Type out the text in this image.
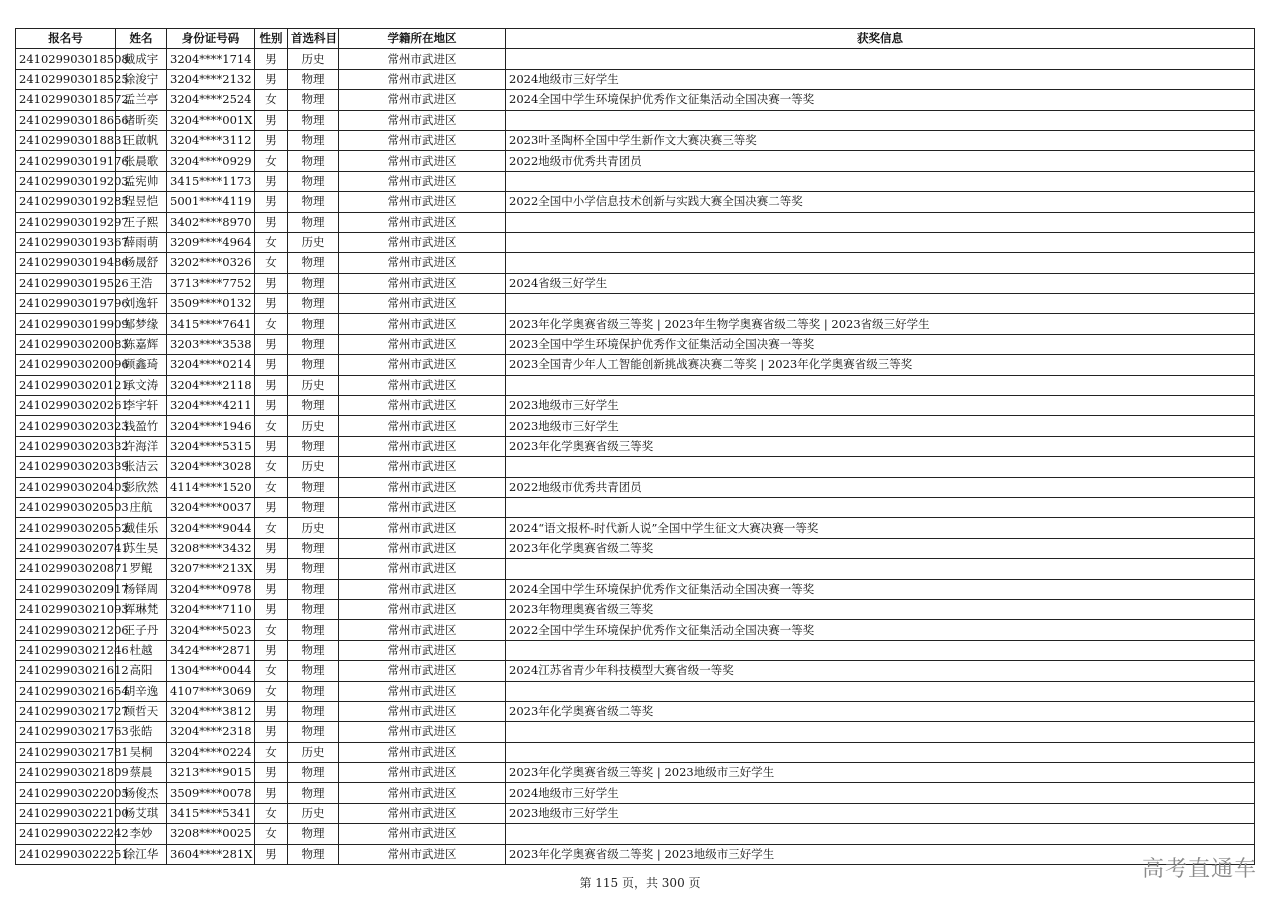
报名号	姓名	身份证号码	性别	首选科目	学籍所在地区	获奖信息
241029903018508	戴成宇	3204****1714	男	历史	常州市武进区	
241029903018525	徐浚宁	3204****2132	男	物理	常州市武进区	2024地级市三好学生
241029903018572	孟兰亭	3204****2524	女	物理	常州市武进区	2024全国中学生环境保护优秀作文征集活动全国决赛一等奖
241029903018656	诸昕奕	3204****001X	男	物理	常州市武进区	
241029903018831	王啟帆	3204****3112	男	物理	常州市武进区	2023叶圣陶杯全国中学生新作文大赛决赛三等奖
241029903019176	张晨歌	3204****0929	女	物理	常州市武进区	2022地级市优秀共青团员
241029903019203	孟宪帅	3415****1173	男	物理	常州市武进区	
241029903019285	程昱恺	5001****4119	男	物理	常州市武进区	2022全国中小学信息技术创新与实践大赛全国决赛二等奖
241029903019297	王子熙	3402****8970	男	物理	常州市武进区	
241029903019367	薛雨萌	3209****4964	女	历史	常州市武进区	
241029903019486	杨晟舒	3202****0326	女	物理	常州市武进区	
241029903019526	王浩	3713****7752	男	物理	常州市武进区	2024省级三好学生
241029903019796	刘逸轩	3509****0132	男	物理	常州市武进区	
241029903019909	邹梦缘	3415****7641	女	物理	常州市武进区	2023年化学奥赛省级三等奖 | 2023年生物学奥赛省级二等奖 | 2023省级三好学生
241029903020083	陈嘉辉	3203****3538	男	物理	常州市武进区	2023全国中学生环境保护优秀作文征集活动全国决赛一等奖
241029903020096	顾鑫琦	3204****0214	男	物理	常州市武进区	2023全国青少年人工智能创新挑战赛决赛二等奖 | 2023年化学奥赛省级三等奖
241029903020121	承文涛	3204****2118	男	历史	常州市武进区	
241029903020261	李宇轩	3204****4211	男	物理	常州市武进区	2023地级市三好学生
241029903020323	钱盈竹	3204****1946	女	历史	常州市武进区	2023地级市三好学生
241029903020332	许海洋	3204****5315	男	物理	常州市武进区	2023年化学奥赛省级三等奖
241029903020339	张洁云	3204****3028	女	历史	常州市武进区	
241029903020405	彭欣然	4114****1520	女	物理	常州市武进区	2022地级市优秀共青团员
241029903020503	庄航	3204****0037	男	物理	常州市武进区	
241029903020552	戴佳乐	3204****9044	女	历史	常州市武进区	2024“语文报杯-时代新人说”全国中学生征文大赛决赛一等奖
241029903020741	苏生昊	3208****3432	男	物理	常州市武进区	2023年化学奥赛省级二等奖
241029903020871	罗鲲	3207****213X	男	物理	常州市武进区	
241029903020917	杨铎周	3204****0978	男	物理	常州市武进区	2024全国中学生环境保护优秀作文征集活动全国决赛一等奖
241029903021093	恽琳梵	3204****7110	男	物理	常州市武进区	2023年物理奥赛省级三等奖
241029903021206	王子丹	3204****5023	女	物理	常州市武进区	2022全国中学生环境保护优秀作文征集活动全国决赛一等奖
241029903021246	杜越	3424****2871	男	物理	常州市武进区	
241029903021612	高阳	1304****0044	女	物理	常州市武进区	2024江苏省青少年科技模型大赛省级一等奖
241029903021654	胡辛逸	4107****3069	女	物理	常州市武进区	
241029903021727	顾哲天	3204****3812	男	物理	常州市武进区	2023年化学奥赛省级二等奖
241029903021763	张皓	3204****2318	男	物理	常州市武进区	
241029903021781	吴桐	3204****0224	女	历史	常州市武进区	
241029903021809	蔡晨	3213****9015	男	物理	常州市武进区	2023年化学奥赛省级三等奖 | 2023地级市三好学生
241029903022005	杨俊杰	3509****0078	男	物理	常州市武进区	2024地级市三好学生
241029903022100	杨艾琪	3415****5341	女	历史	常州市武进区	2023地级市三好学生
241029903022242	李妙	3208****0025	女	物理	常州市武进区	
241029903022251	徐江华	3604****281X	男	物理	常州市武进区	2023年化学奥赛省级二等奖 | 2023地级市三好学生
第 115 页，共 300 页
高考直通车
